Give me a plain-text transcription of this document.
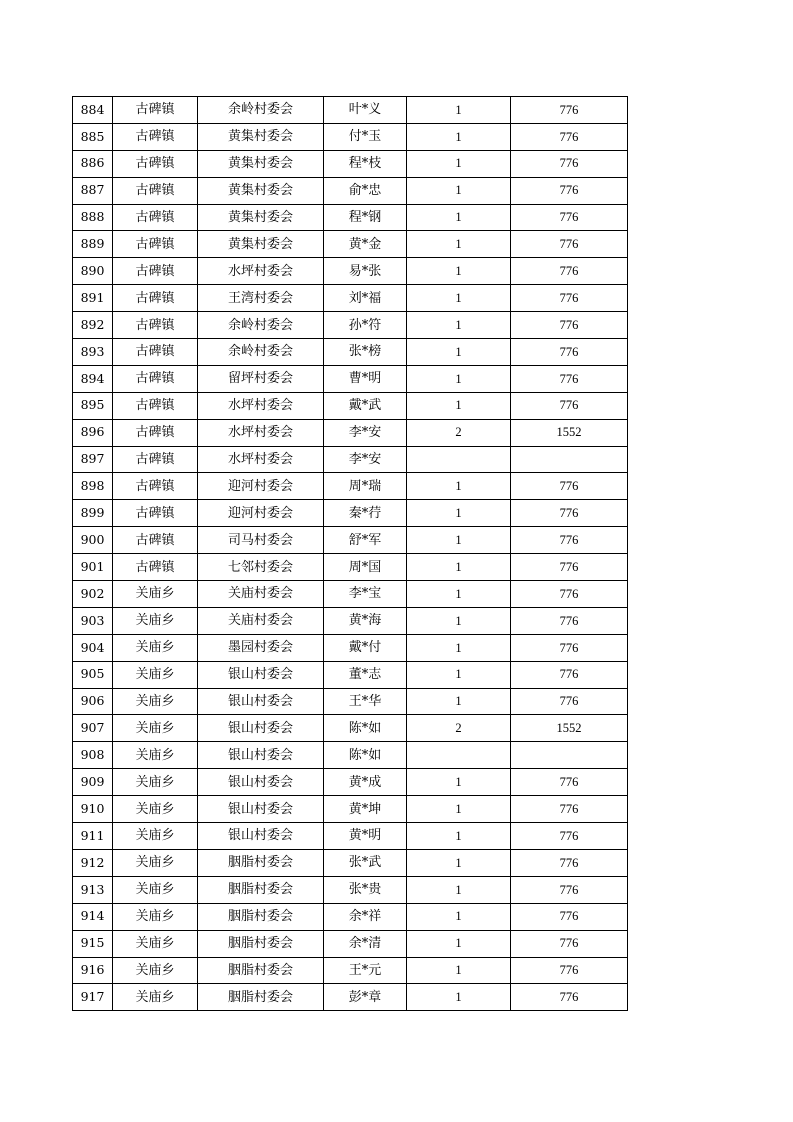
884	古碑镇	余岭村委会	叶*义	1	776
885	古碑镇	黄集村委会	付*玉	1	776
886	古碑镇	黄集村委会	程*枝	1	776
887	古碑镇	黄集村委会	俞*忠	1	776
888	古碑镇	黄集村委会	程*钢	1	776
889	古碑镇	黄集村委会	黄*金	1	776
890	古碑镇	水坪村委会	易*张	1	776
891	古碑镇	王湾村委会	刘*福	1	776
892	古碑镇	余岭村委会	孙*符	1	776
893	古碑镇	余岭村委会	张*榜	1	776
894	古碑镇	留坪村委会	曹*明	1	776
895	古碑镇	水坪村委会	戴*武	1	776
896	古碑镇	水坪村委会	李*安	2	1552
897	古碑镇	水坪村委会	李*安		
898	古碑镇	迎河村委会	周*瑞	1	776
899	古碑镇	迎河村委会	秦*荇	1	776
900	古碑镇	司马村委会	舒*军	1	776
901	古碑镇	七邻村委会	周*国	1	776
902	关庙乡	关庙村委会	李*宝	1	776
903	关庙乡	关庙村委会	黄*海	1	776
904	关庙乡	墨园村委会	戴*付	1	776
905	关庙乡	银山村委会	董*志	1	776
906	关庙乡	银山村委会	王*华	1	776
907	关庙乡	银山村委会	陈*如	2	1552
908	关庙乡	银山村委会	陈*如		
909	关庙乡	银山村委会	黄*成	1	776
910	关庙乡	银山村委会	黄*坤	1	776
911	关庙乡	银山村委会	黄*明	1	776
912	关庙乡	胭脂村委会	张*武	1	776
913	关庙乡	胭脂村委会	张*贵	1	776
914	关庙乡	胭脂村委会	余*祥	1	776
915	关庙乡	胭脂村委会	余*清	1	776
916	关庙乡	胭脂村委会	王*元	1	776
917	关庙乡	胭脂村委会	彭*章	1	776
